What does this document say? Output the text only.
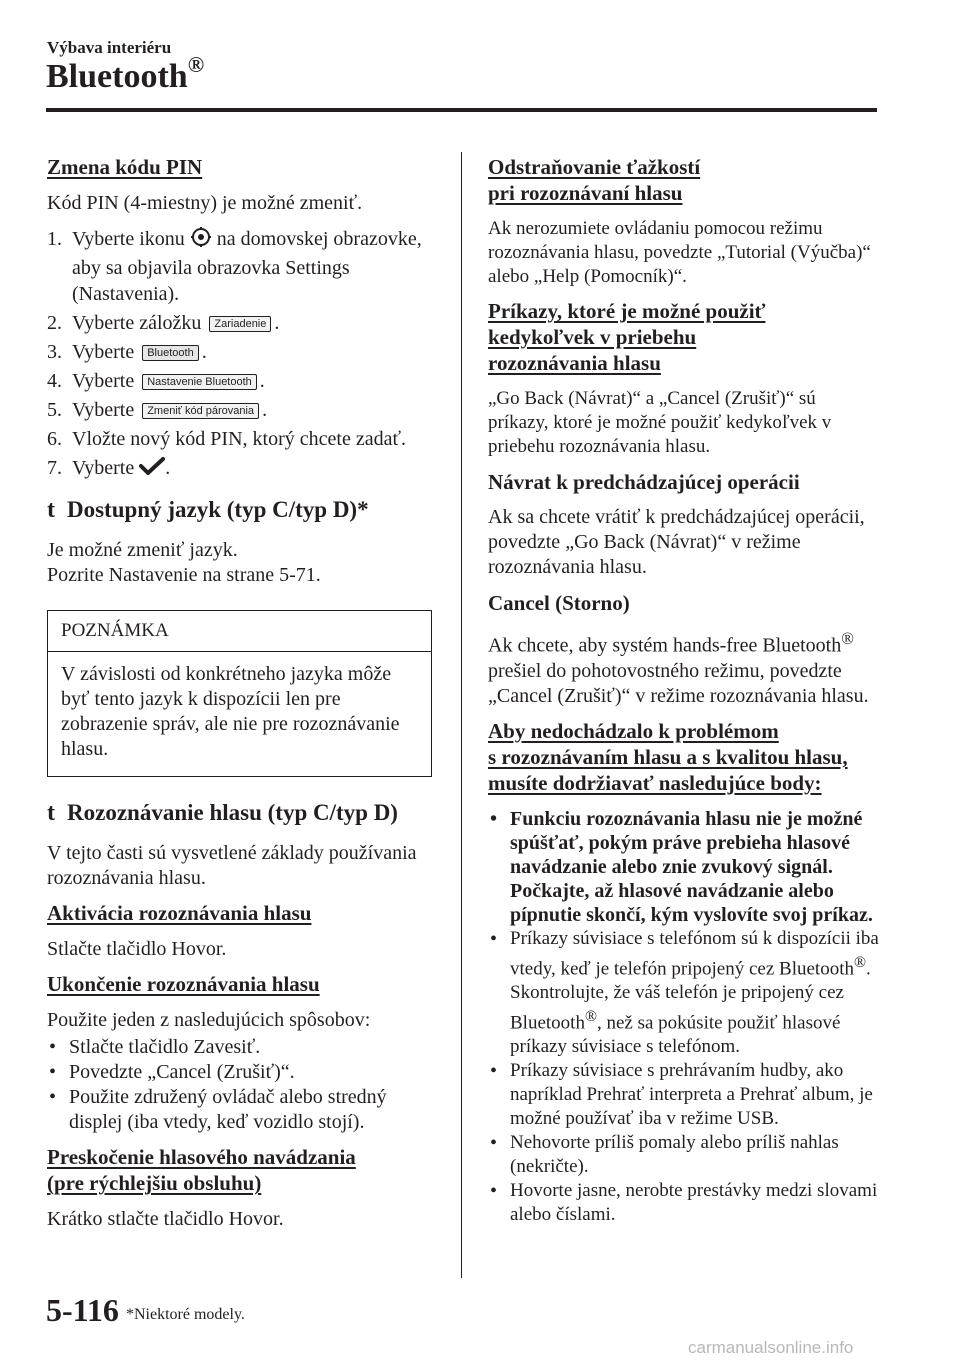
Výbava interiéru
Bluetooth®
Zmena kódu PIN

Kód PIN (4-miestny) je možné zmeniť.

1. Vyberte ikonu na domovskej obrazovke, aby sa objavila obrazovka Settings (Nastavenia).
2. Vyberte záložku Zariadenie .
3. Vyberte Bluetooth .
4. Vyberte Nastavenie Bluetooth .
5. Vyberte Zmeniť kód párovania .
6. Vložte nový kód PIN, ktorý chcete zadať.
7. Vyberte .
t Dostupný jazyk (typ C/typ D)*

Je možné zmeniť jazyk.

Pozrite Nastavenie na strane 5-71.

POZNÁMKA
V závislosti od konkrétneho jazyka môže byť tento jazyk k dispozícii len pre zobrazenie správ, ale nie pre rozoznávanie hlasu.
t Rozoznávanie hlasu (typ C/typ D)

V tejto časti sú vysvetlené základy používania rozoznávania hlasu.

Aktivácia rozoznávania hlasu

Stlačte tlačidlo Hovor.

Ukončenie rozoznávania hlasu

Použite jeden z nasledujúcich spôsobov:

• Stlačte tlačidlo Zavesiť.
• Povedzte „Cancel (Zrušiť)“.
• Použite združený ovládač alebo stredný displej (iba vtedy, keď vozidlo stojí).
Preskočenie hlasového navádzania
(pre rýchlejšiu obsluhu)

Krátko stlačte tlačidlo Hovor.

Odstraňovanie ťažkostí
pri rozoznávaní hlasu

Ak nerozumiete ovládaniu pomocou režimu rozoznávania hlasu, povedzte „Tutorial (Výučba)“ alebo „Help (Pomocník)“.

Príkazy, ktoré je možné použiť
kedykoľvek v priebehu
rozoznávania hlasu

„Go Back (Návrat)“ a „Cancel (Zrušiť)“ sú príkazy, ktoré je možné použiť kedykoľvek v priebehu rozoznávania hlasu.

Návrat k predchádzajúcej operácii

Ak sa chcete vrátiť k predchádzajúcej operácii, povedzte „Go Back (Návrat)“ v režime rozoznávania hlasu.

Cancel (Storno)

Ak chcete, aby systém hands-free Bluetooth® prešiel do pohotovostného režimu, povedzte „Cancel (Zrušiť)“ v režime rozoznávania hlasu.

Aby nedochádzalo k problémom
s rozoznávaním hlasu a s kvalitou hlasu,
musíte dodržiavať nasledujúce body:
• Funkciu rozoznávania hlasu nie je možné spúšťať, pokým práve prebieha hlasové navádzanie alebo znie zvukový signál. Počkajte, až hlasové navádzanie alebo pípnutie skončí, kým vyslovíte svoj príkaz.
• Príkazy súvisiace s telefónom sú k dispozícii iba vtedy, keď je telefón pripojený cez Bluetooth®. Skontrolujte, že váš telefón je pripojený cez Bluetooth®, než sa pokúsite použiť hlasové príkazy súvisiace s telefónom.
• Príkazy súvisiace s prehrávaním hudby, ako napríklad Prehrať interpreta a Prehrať album, je možné používať iba v režime USB.
• Nehovorte príliš pomaly alebo príliš nahlas (nekričte).
• Hovorte jasne, nerobte prestávky medzi slovami alebo číslami.
5-116 *Niektoré modely.
carmanualsonline.info
